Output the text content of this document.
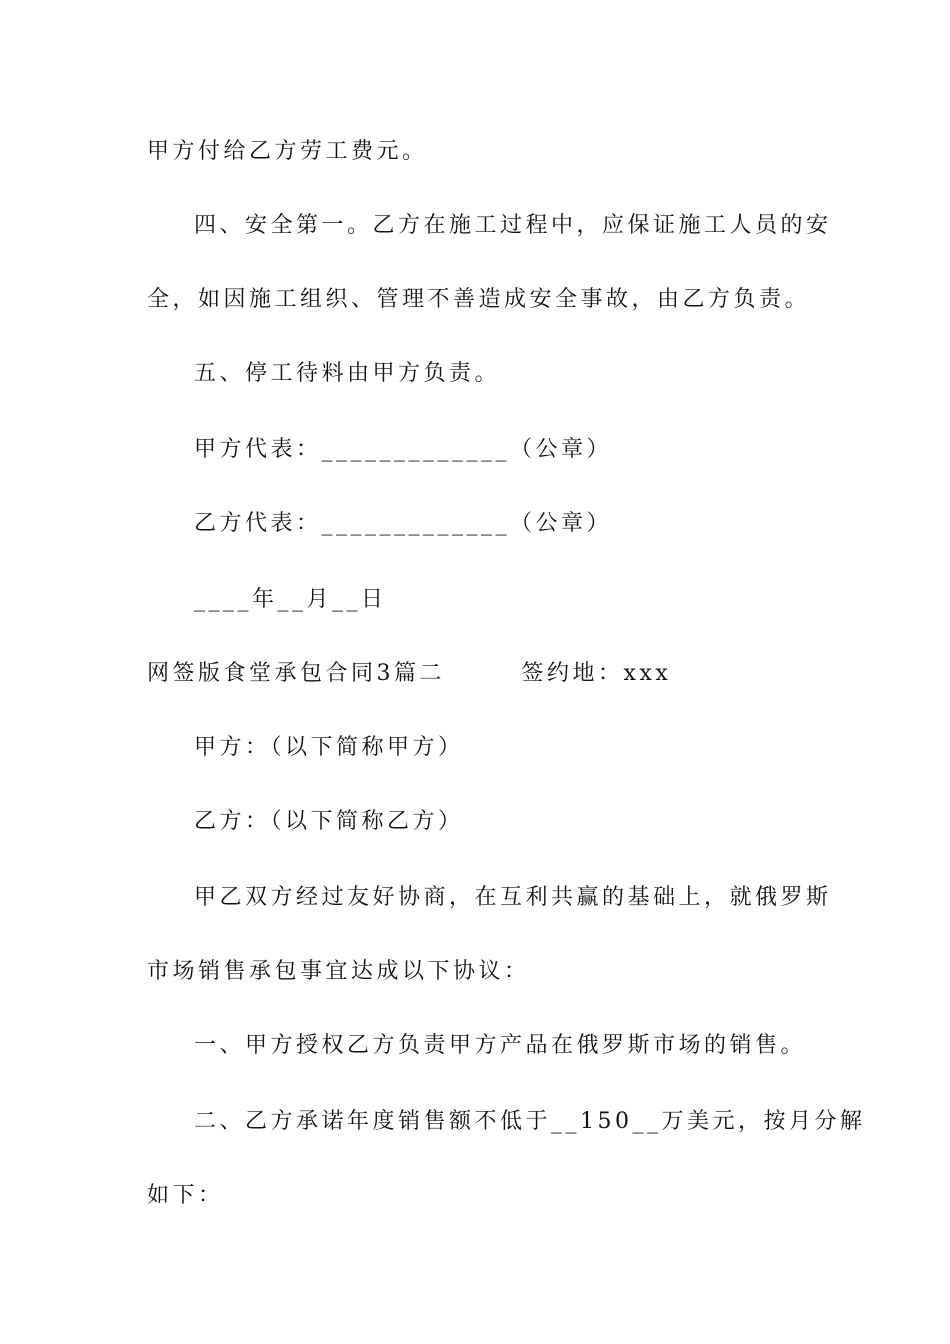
甲方付给乙方劳工费元。
四、安全第一。乙方在施工过程中，应保证施工人员的安
全，如因施工组织、管理不善造成安全事故，由乙方负责。
五、停工待料由甲方负责。
甲方代表：_____________（公章）
乙方代表：_____________（公章）
____年__月__日
网签版食堂承包合同3篇二　　　签约地：xxx
甲方：（以下简称甲方）
乙方：（以下简称乙方）
甲乙双方经过友好协商，在互利共赢的基础上，就俄罗斯
市场销售承包事宜达成以下协议：
一、甲方授权乙方负责甲方产品在俄罗斯市场的销售。
二、乙方承诺年度销售额不低于__150__万美元，按月分解
如下：
